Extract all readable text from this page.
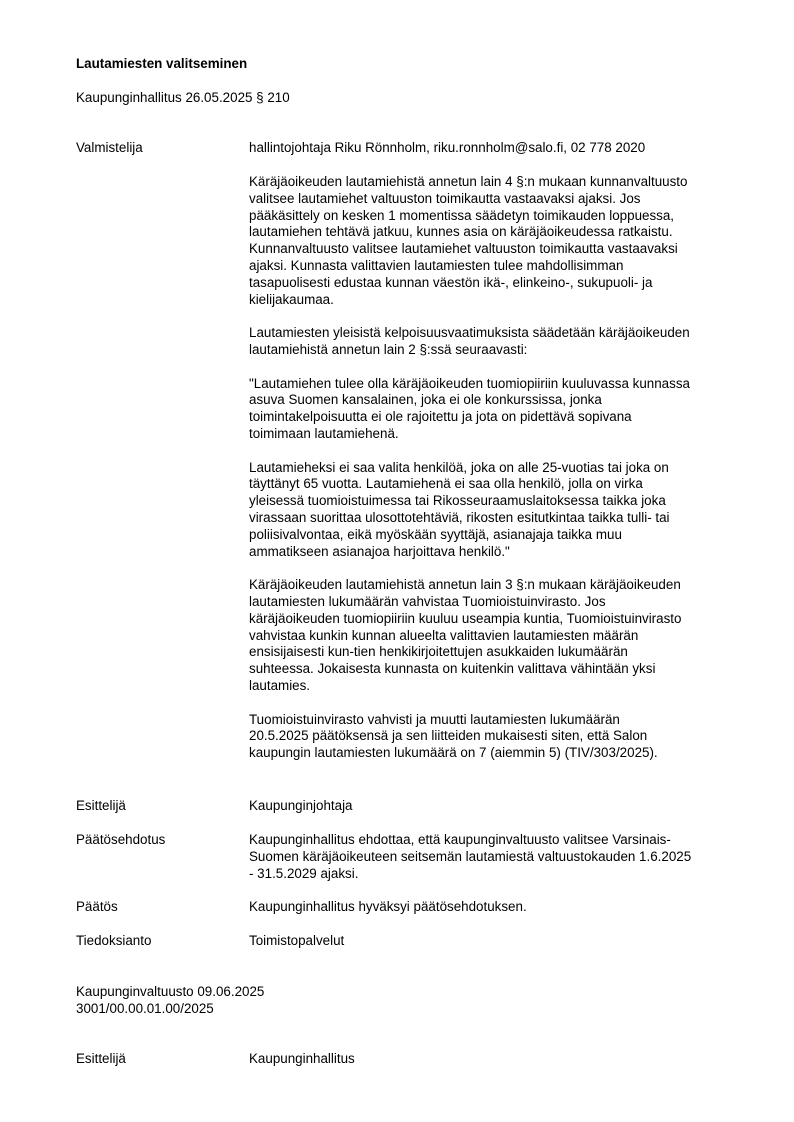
Lautamiesten valitseminen
Kaupunginhallitus 26.05.2025 § 210
Valmistelija	hallintojohtaja Riku Rönnholm, riku.ronnholm@salo.fi, 02 778 2020

Käräjäoikeuden lautamiehistä annetun lain 4 §:n mukaan kunnanvaltuusto
valitsee lautamiehet valtuuston toimikautta vastaavaksi ajaksi. Jos
pääkäsittely on kesken 1 momentissa säädetyn toimikauden loppuessa,
lautamiehen tehtävä jatkuu, kunnes asia on käräjäoikeudessa ratkaistu.
Kunnanvaltuusto valitsee lautamiehet valtuuston toimikautta vastaavaksi
ajaksi. Kunnasta valittavien lautamiesten tulee mahdollisimman
tasapuolisesti edustaa kunnan väestön ikä-, elinkeino-, sukupuoli- ja
kielijakaumaa.

Lautamiesten yleisistä kelpoisuusvaatimuksista säädetään käräjäoikeuden
lautamiehistä annetun lain 2 §:ssä seuraavasti:

"Lautamiehen tulee olla käräjäoikeuden tuomiopiiriin kuuluvassa kunnassa
asuva Suomen kansalainen, joka ei ole konkurssissa, jonka
toimintakelpoisuutta ei ole rajoitettu ja jota on pidettävä sopivana
toimimaan lautamiehenä.

Lautamieheksi ei saa valita henkilöä, joka on alle 25-vuotias tai joka on
täyttänyt 65 vuotta. Lautamiehenä ei saa olla henkilö, jolla on virka
yleisessä tuomioistuimessa tai Rikosseuraamuslaitoksessa taikka joka
virassaan suorittaa ulosottotehtäviä, rikosten esitutkintaa taikka tulli- tai
poliisivalvontaa, eikä myöskään syyttäjä, asianajaja taikka muu
ammatikseen asianajoa harjoittava henkilö."

Käräjäoikeuden lautamiehistä annetun lain 3 §:n mukaan käräjäoikeuden
lautamiesten lukumäärän vahvistaa Tuomioistuinvirasto. Jos
käräjäoikeuden tuomiopiiriin kuuluu useampia kuntia, Tuomioistuinvirasto
vahvistaa kunkin kunnan alueelta valittavien lautamiesten määrän
ensisijaisesti kun-tien henkikirjoitettujen asukkaiden lukumäärän
suhteessa. Jokaisesta kunnasta on kuitenkin valittava vähintään yksi
lautamies.

Tuomioistuinvirasto vahvisti ja muutti lautamiesten lukumäärän
20.5.2025 päätöksensä ja sen liitteiden mukaisesti siten, että Salon
kaupungin lautamiesten lukumäärä on 7 (aiemmin 5) (TIV/303/2025).

Esittelijä	Kaupunginjohtaja
Päätösehdotus	Kaupunginhallitus ehdottaa, että kaupunginvaltuusto valitsee Varsinais-
Suomen käräjäoikeuteen seitsemän lautamiestä valtuustokauden 1.6.2025
- 31.5.2029 ajaksi.
Päätös	Kaupunginhallitus hyväksyi päätösehdotuksen.
Tiedoksianto	Toimistopalvelut
Kaupunginvaltuusto 09.06.2025
3001/00.00.01.00/2025
Esittelijä	Kaupunginhallitus
